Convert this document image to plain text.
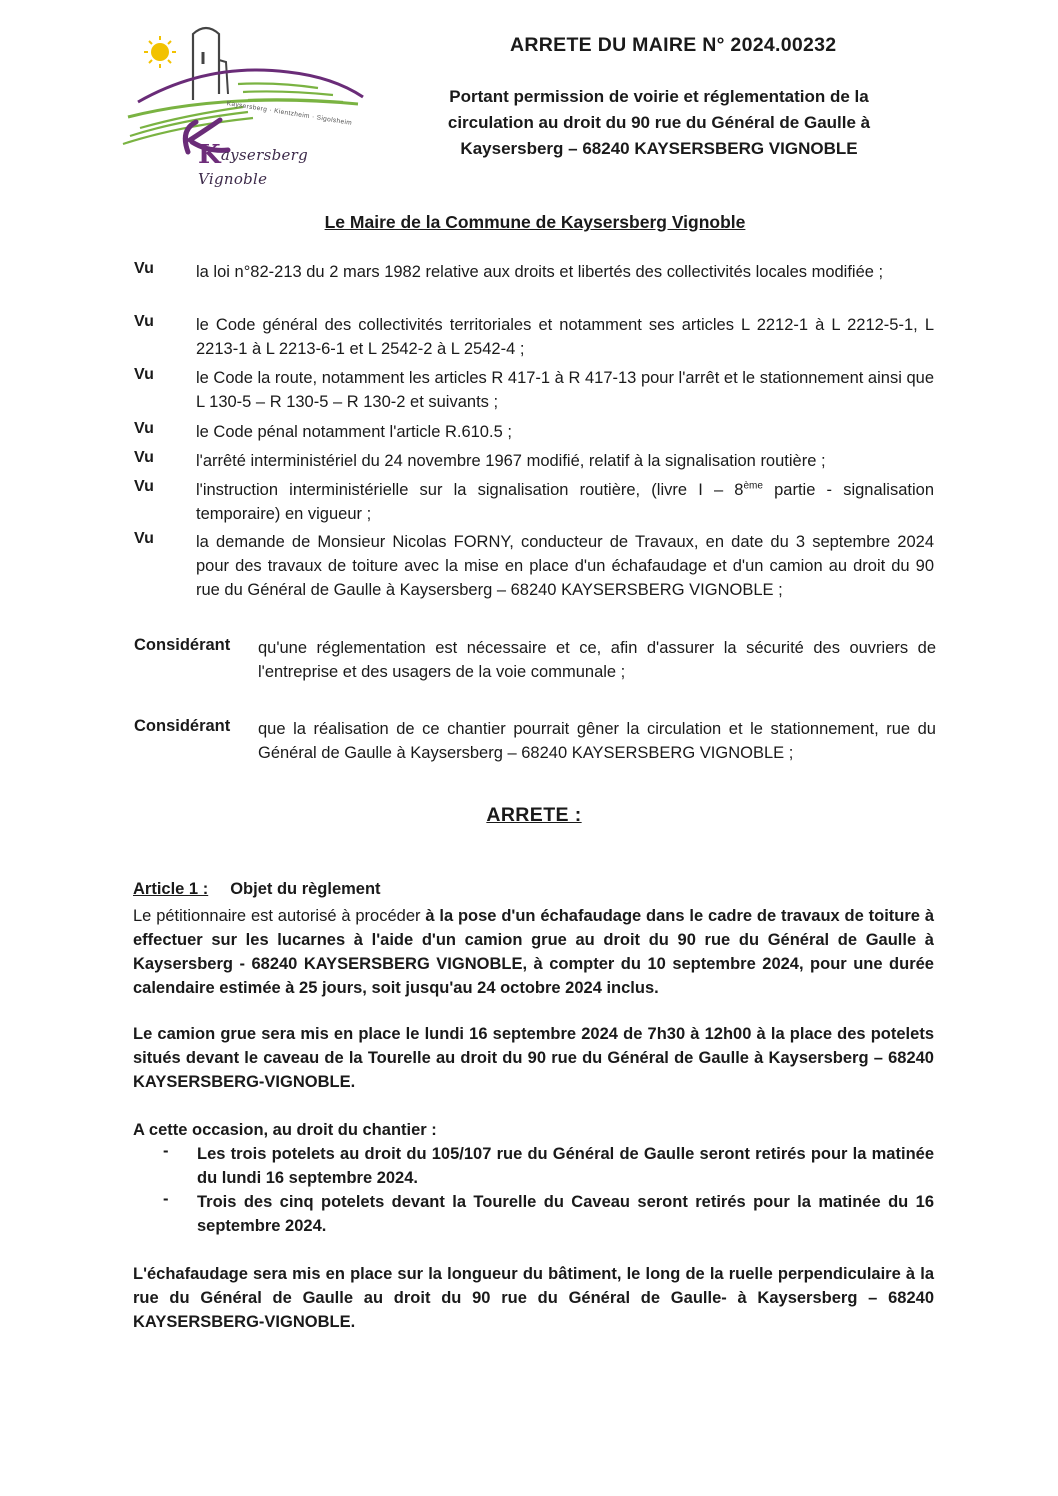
Kaysersberg · Kientzheim · Sigolsheim
Kaysersberg Vignoble
ARRETE DU MAIRE N° 2024.00232
Portant permission de voirie et réglementation de la
circulation au droit du 90 rue du Général de Gaulle à
Kaysersberg – 68240 KAYSERSBERG VIGNOBLE
Le Maire de la Commune de Kaysersberg Vignoble
Vu	la loi n°82-213 du 2 mars 1982 relative aux droits et libertés des collectivités locales modifiée ;
Vu	le Code général des collectivités territoriales et notamment ses articles L 2212-1 à L 2212-5-1, L 2213-1 à L 2213-6-1 et L 2542-2 à L 2542-4 ;
Vu	le Code la route, notamment les articles R 417-1 à R 417-13 pour l'arrêt et le stationnement ainsi que L 130-5 – R 130-5 – R 130-2 et suivants ;
Vu	le Code pénal notamment l'article R.610.5 ;
Vu	l'arrêté interministériel du 24 novembre 1967 modifié, relatif à la signalisation routière ;
Vu	l'instruction interministérielle sur la signalisation routière, (livre I – 8ème partie - signalisation temporaire) en vigueur ;
Vu	la demande de Monsieur Nicolas FORNY, conducteur de Travaux, en date du 3 septembre 2024 pour des travaux de toiture avec la mise en place d'un échafaudage et d'un camion au droit du 90 rue du Général de Gaulle à Kaysersberg – 68240 KAYSERSBERG VIGNOBLE ;
Considérant qu'une réglementation est nécessaire et ce, afin d'assurer la sécurité des ouvriers de l'entreprise et des usagers de la voie communale ;
Considérant que la réalisation de ce chantier pourrait gêner la circulation et le stationnement, rue du Général de Gaulle à Kaysersberg – 68240 KAYSERSBERG VIGNOBLE ;
ARRETE :
Article 1 : Objet du règlement
Le pétitionnaire est autorisé à procéder à la pose d'un échafaudage dans le cadre de travaux de toiture à effectuer sur les lucarnes à l'aide d'un camion grue au droit du 90 rue du Général de Gaulle à Kaysersberg - 68240 KAYSERSBERG VIGNOBLE, à compter du 10 septembre 2024, pour une durée calendaire estimée à 25 jours, soit jusqu'au 24 octobre 2024 inclus.
Le camion grue sera mis en place le lundi 16 septembre 2024 de 7h30 à 12h00 à la place des potelets situés devant le caveau de la Tourelle au droit du 90 rue du Général de Gaulle à Kaysersberg – 68240 KAYSERSBERG-VIGNOBLE.
A cette occasion, au droit du chantier :
- Les trois potelets au droit du 105/107 rue du Général de Gaulle seront retirés pour la matinée du lundi 16 septembre 2024.
- Trois des cinq potelets devant la Tourelle du Caveau seront retirés pour la matinée du 16 septembre 2024.
L'échafaudage sera mis en place sur la longueur du bâtiment, le long de la ruelle perpendiculaire à la rue du Général de Gaulle au droit du 90 rue du Général de Gaulle- à Kaysersberg – 68240 KAYSERSBERG-VIGNOBLE.
